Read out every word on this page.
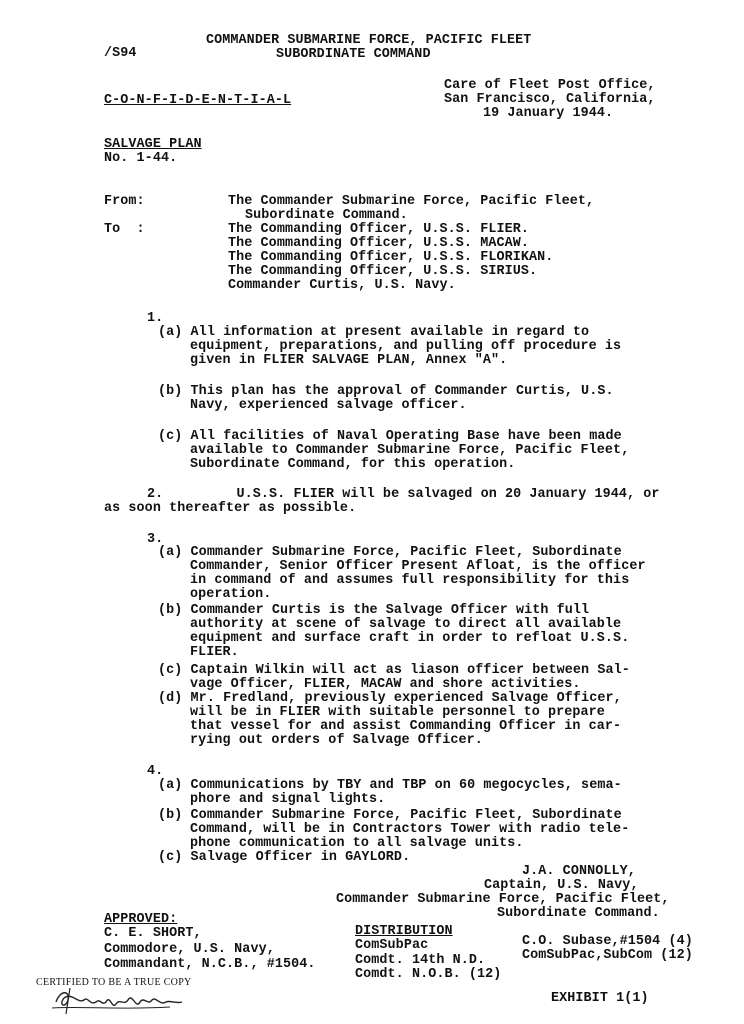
/S94
COMMANDER SUBMARINE FORCE, PACIFIC FLEET
SUBORDINATE COMMAND
C-O-N-F-I-D-E-N-T-I-A-L
Care of Fleet Post Office,
San Francisco, California,
19 January 1944.
SALVAGE PLAN
No. 1-44.
From:	The Commander Submarine Force, Pacific Fleet,
Subordinate Command.
To  :	The Commanding Officer, U.S.S. FLIER.
The Commanding Officer, U.S.S. MACAW.
The Commanding Officer, U.S.S. FLORIKAN.
The Commanding Officer, U.S.S. SIRIUS.
Commander Curtis, U.S. Navy.
1.
(a) All information at present available in regard to
equipment, preparations, and pulling off procedure is
given in FLIER SALVAGE PLAN, Annex "A".
(b) This plan has the approval of Commander Curtis, U.S.
Navy, experienced salvage officer.
(c) All facilities of Naval Operating Base have been made
available to Commander Submarine Force, Pacific Fleet,
Subordinate Command, for this operation.
2.         U.S.S. FLIER will be salvaged on 20 January 1944, or
as soon thereafter as possible.
3.
(a) Commander Submarine Force, Pacific Fleet, Subordinate
Commander, Senior Officer Present Afloat, is the officer
in command of and assumes full responsibility for this
operation.
(b) Commander Curtis is the Salvage Officer with full
authority at scene of salvage to direct all available
equipment and surface craft in order to refloat U.S.S.
FLIER.
(c) Captain Wilkin will act as liason officer between Sal-
vage Officer, FLIER, MACAW and shore activities.
(d) Mr. Fredland, previously experienced Salvage Officer,
will be in FLIER with suitable personnel to prepare
that vessel for and assist Commanding Officer in car-
rying out orders of Salvage Officer.
4.
(a) Communications by TBY and TBP on 60 megocycles, sema-
phore and signal lights.
(b) Commander Submarine Force, Pacific Fleet, Subordinate
Command, will be in Contractors Tower with radio tele-
phone communication to all salvage units.
(c) Salvage Officer in GAYLORD.
J.A. CONNOLLY,
Captain, U.S. Navy,
Commander Submarine Force, Pacific Fleet,
Subordinate Command.
APPROVED:
C. E. SHORT,
Commodore, U.S. Navy,
Commandant, N.C.B., #1504.
DISTRIBUTION
ComSubPac
Comdt. 14th N.D.
Comdt. N.O.B. (12)
C.O. Subase,#1504 (4)
ComSubPac,SubCom (12)
CERTIFIED TO BE A TRUE COPY
EXHIBIT 1(1)
